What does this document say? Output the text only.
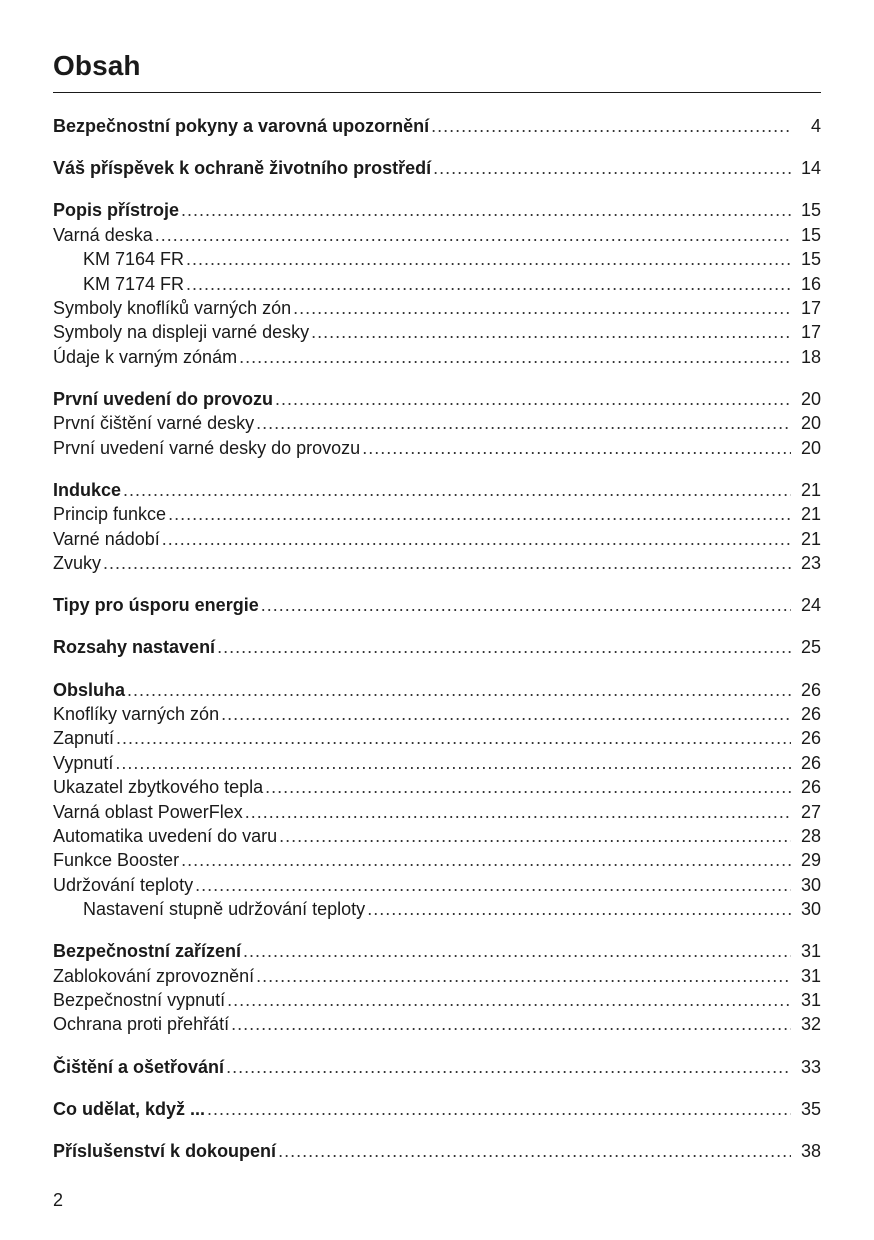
Obsah
Bezpečnostní pokyny a varovná upozornění .....	4
Váš příspěvek k ochraně životního prostředí .....	14
Popis přístroje .....	15
Varná deska .....	15
KM 7164 FR .....	15
KM 7174 FR .....	16
Symboly knoflíků varných zón .....	17
Symboly na displeji varné desky .....	17
Údaje k varným zónám .....	18
První uvedení do provozu .....	20
První čištění varné desky .....	20
První uvedení varné desky do provozu .....	20
Indukce .....	21
Princip funkce .....	21
Varné nádobí .....	21
Zvuky .....	23
Tipy pro úsporu energie .....	24
Rozsahy nastavení .....	25
Obsluha .....	26
Knoflíky varných zón .....	26
Zapnutí .....	26
Vypnutí .....	26
Ukazatel zbytkového tepla .....	26
Varná oblast PowerFlex .....	27
Automatika uvedení do varu .....	28
Funkce Booster .....	29
Udržování teploty .....	30
Nastavení stupně udržování teploty .....	30
Bezpečnostní zařízení .....	31
Zablokování zprovoznění .....	31
Bezpečnostní vypnutí .....	31
Ochrana proti přehřátí .....	32
Čištění a ošetřování .....	33
Co udělat, když ... .....	35
Příslušenství k dokoupení .....	38
2
